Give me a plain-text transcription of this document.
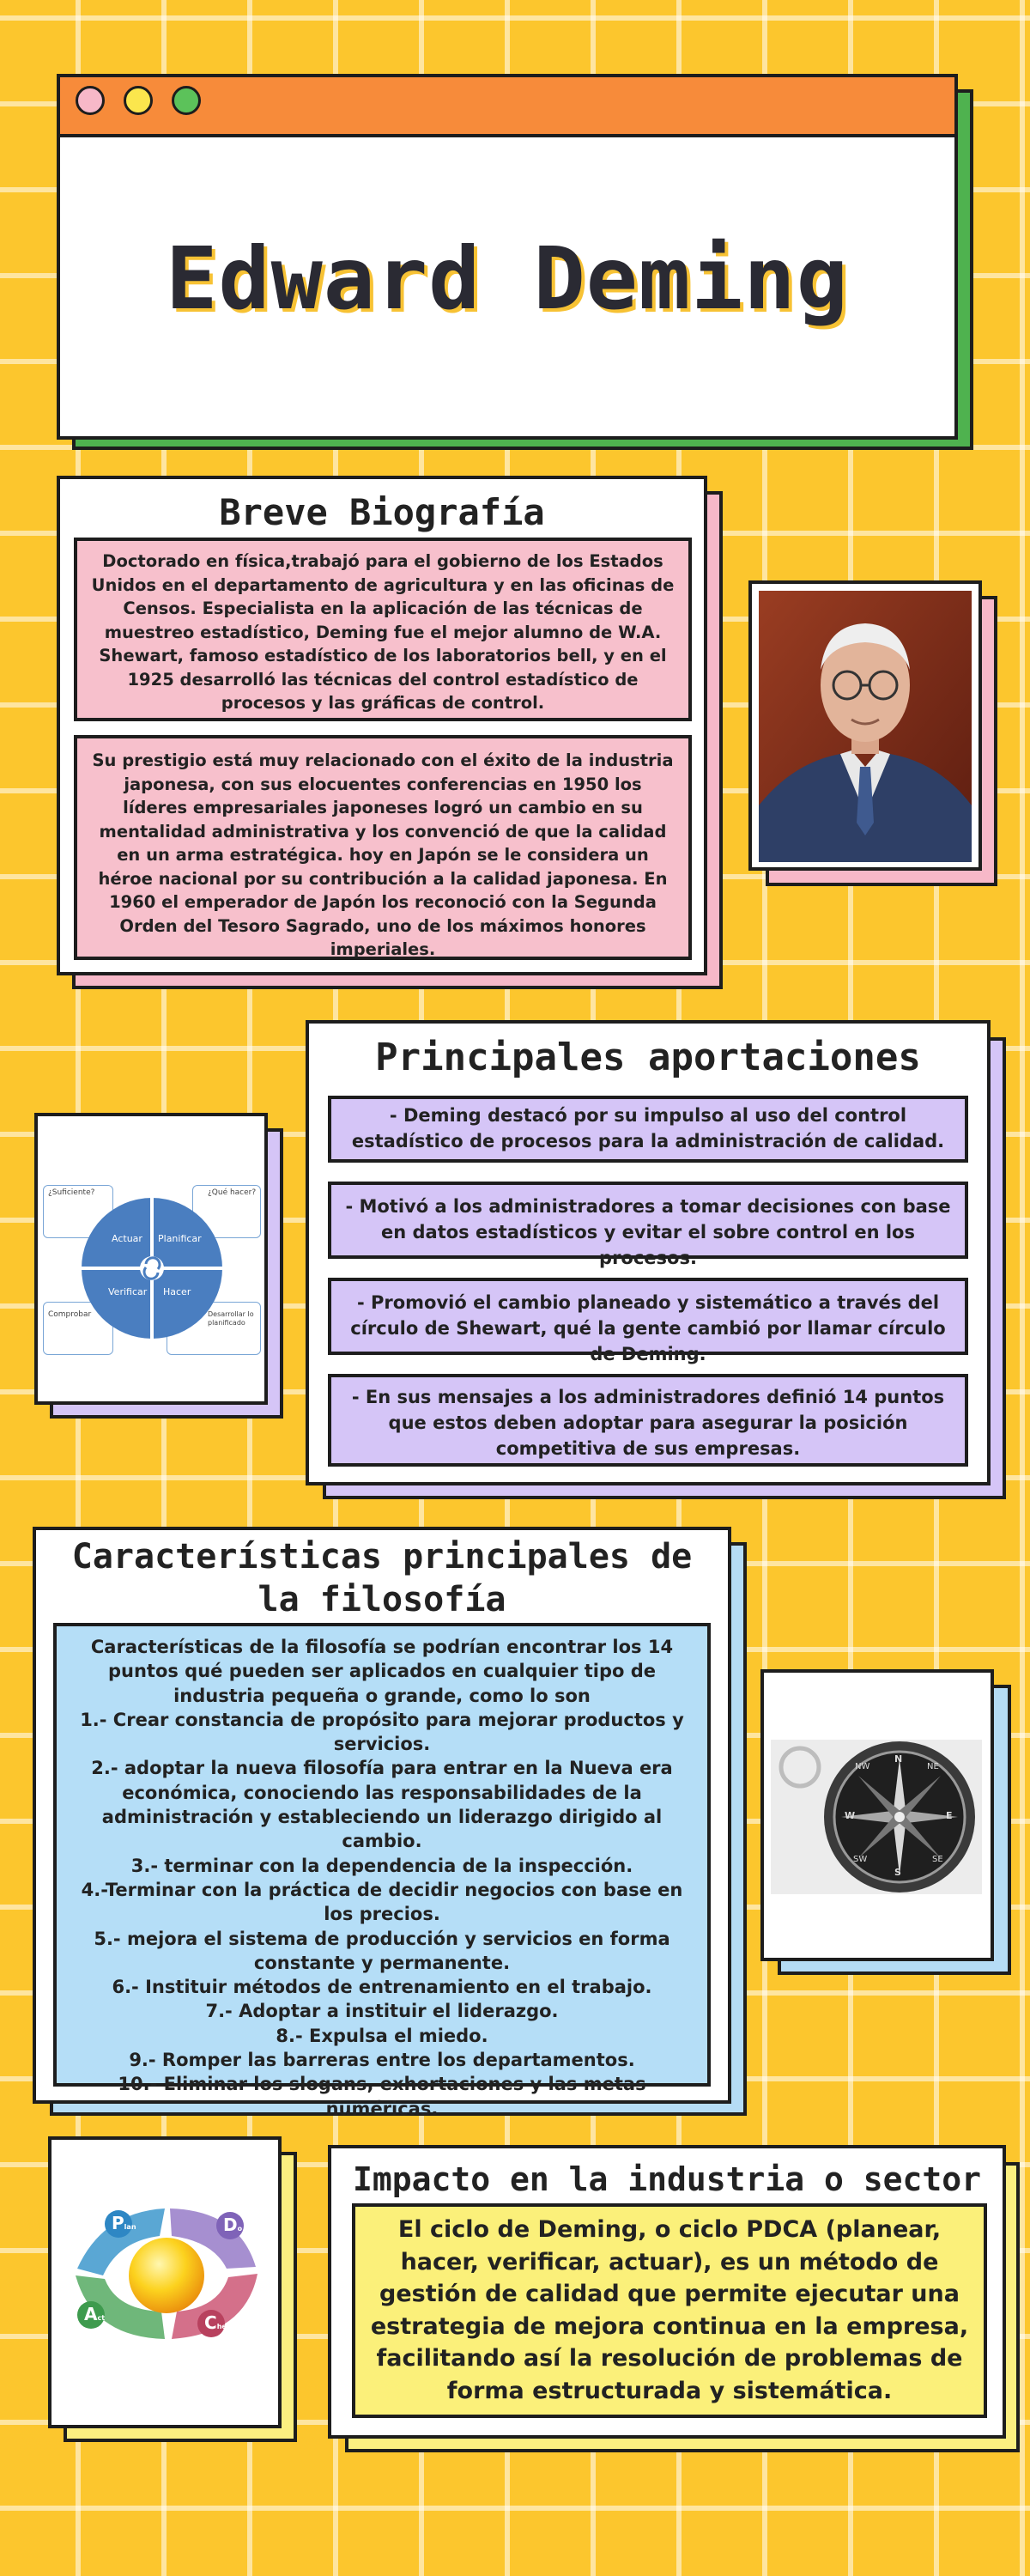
Edward Deming
Breve Biografía
Doctorado en física,trabajó para el gobierno de los Estados Unidos en el departamento de agricultura y en las oficinas de Censos. Especialista en la aplicación de las técnicas de muestreo estadístico, Deming fue el mejor alumno de W.A. Shewart, famoso estadístico de los laboratorios bell, y en el 1925 desarrolló las técnicas del control estadístico de procesos y las gráficas de control.
Su prestigio está muy relacionado con el éxito de la industria japonesa, con sus elocuentes conferencias en 1950 los líderes empresariales japoneses logró un cambio en su mentalidad administrativa y los convenció de que la calidad en un arma estratégica. hoy en Japón se le considera un héroe nacional por su contribución a la calidad japonesa. En 1960 el emperador de Japón los reconoció con la Segunda Orden del Tesoro Sagrado, uno de los máximos honores imperiales.
¿Suficiente?	¿Qué hacer?
Comprobar	Desarrollar lo planificado
Actuar Planificar
Verificar Hacer
Principales aportaciones
- Deming destacó por su impulso al uso del control estadístico de procesos para la administración de calidad.
- Motivó a los administradores a tomar decisiones con base en datos estadísticos y evitar el sobre control en los procesos.
- Promovió el cambio planeado y sistemático a través del círculo de Shewart, qué la gente cambió por llamar círculo de Deming.
- En sus mensajes a los administradores definió 14 puntos que estos deben adoptar para asegurar la posición competitiva de sus empresas.
Características principales de la filosofía
Características de la filosofía se podrían encontrar los 14 puntos qué pueden ser aplicados en cualquier tipo de industria pequeña o grande, como lo son
1.- Crear constancia de propósito para mejorar productos y servicios.
2.- adoptar la nueva filosofía para entrar en la Nueva era económica, conociendo las responsabilidades de la administración y estableciendo un liderazgo dirigido al cambio.
3.- terminar con la dependencia de la inspección.
4.-Terminar con la práctica de decidir negocios con base en los precios.
5.- mejora el sistema de producción y servicios en forma constante y permanente.
6.- Instituir métodos de entrenamiento en el trabajo.
7.- Adoptar a instituir el liderazgo.
8.- Expulsa el miedo.
9.- Romper las barreras entre los departamentos.
10.- Eliminar los slogans, exhortaciones y las metas numéricas.
N
NE
E
SE
S
SW
W
NW
Plan	Do
Check
Act
Impacto en la industria o sector
El ciclo de Deming, o ciclo PDCA (planear, hacer, verificar, actuar), es un método de gestión de calidad que permite ejecutar una estrategia de mejora continua en la empresa, facilitando así la resolución de problemas de forma estructurada y sistemática.
